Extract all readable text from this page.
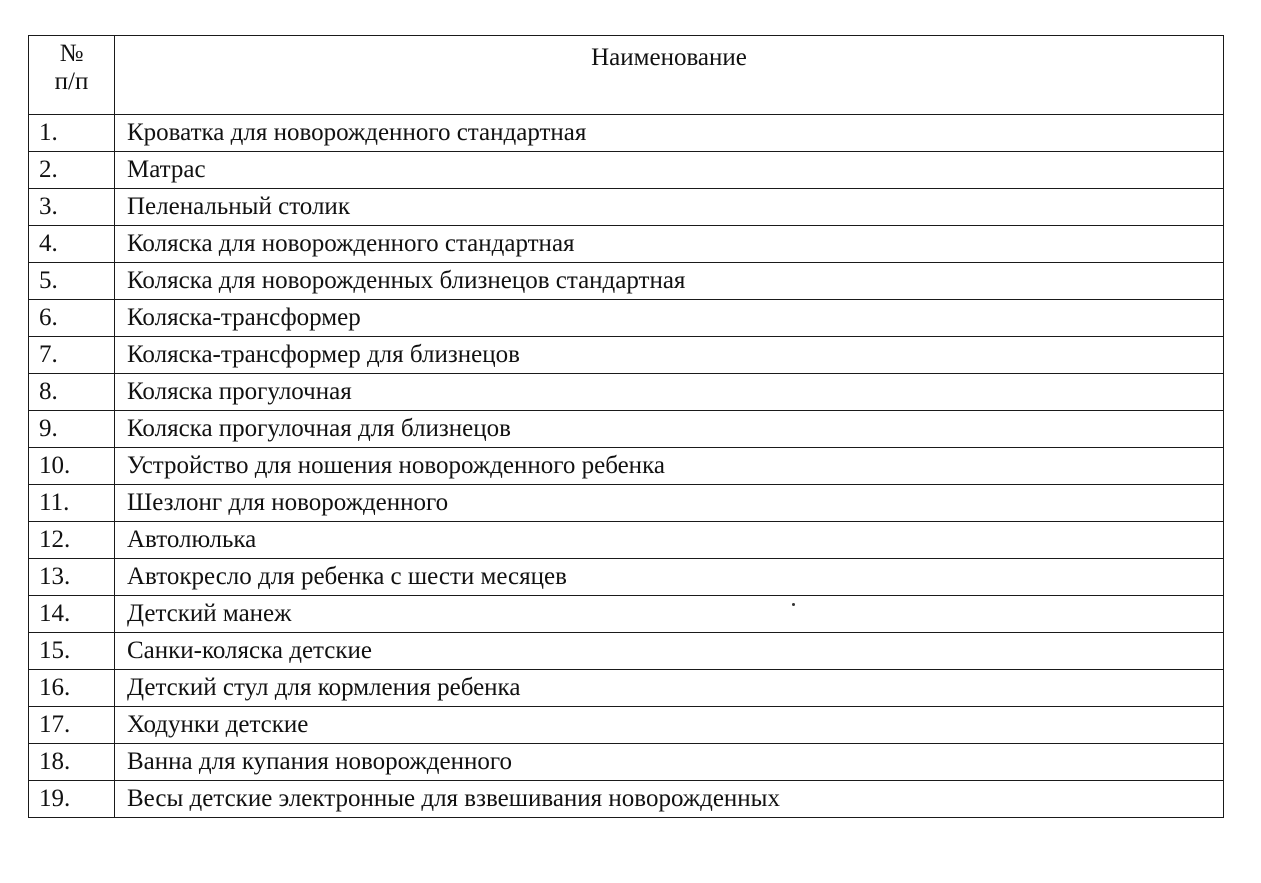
№
п/п	Наименование
1.	Кроватка для новорожденного стандартная
2.	Матрас
3.	Пеленальный столик
4.	Коляска для новорожденного стандартная
5.	Коляска для новорожденных близнецов стандартная
6.	Коляска-трансформер
7.	Коляска-трансформер для близнецов
8.	Коляска прогулочная
9.	Коляска прогулочная для близнецов
10.	Устройство для ношения новорожденного ребенка
11.	Шезлонг для новорожденного
12.	Автолюлька
13.	Автокресло для ребенка с шести месяцев
14.	Детский манеж
15.	Санки-коляска детские
16.	Детский стул для кормления ребенка
17.	Ходунки детские
18.	Ванна для купания новорожденного
19.	Весы детские электронные для взвешивания новорожденных
